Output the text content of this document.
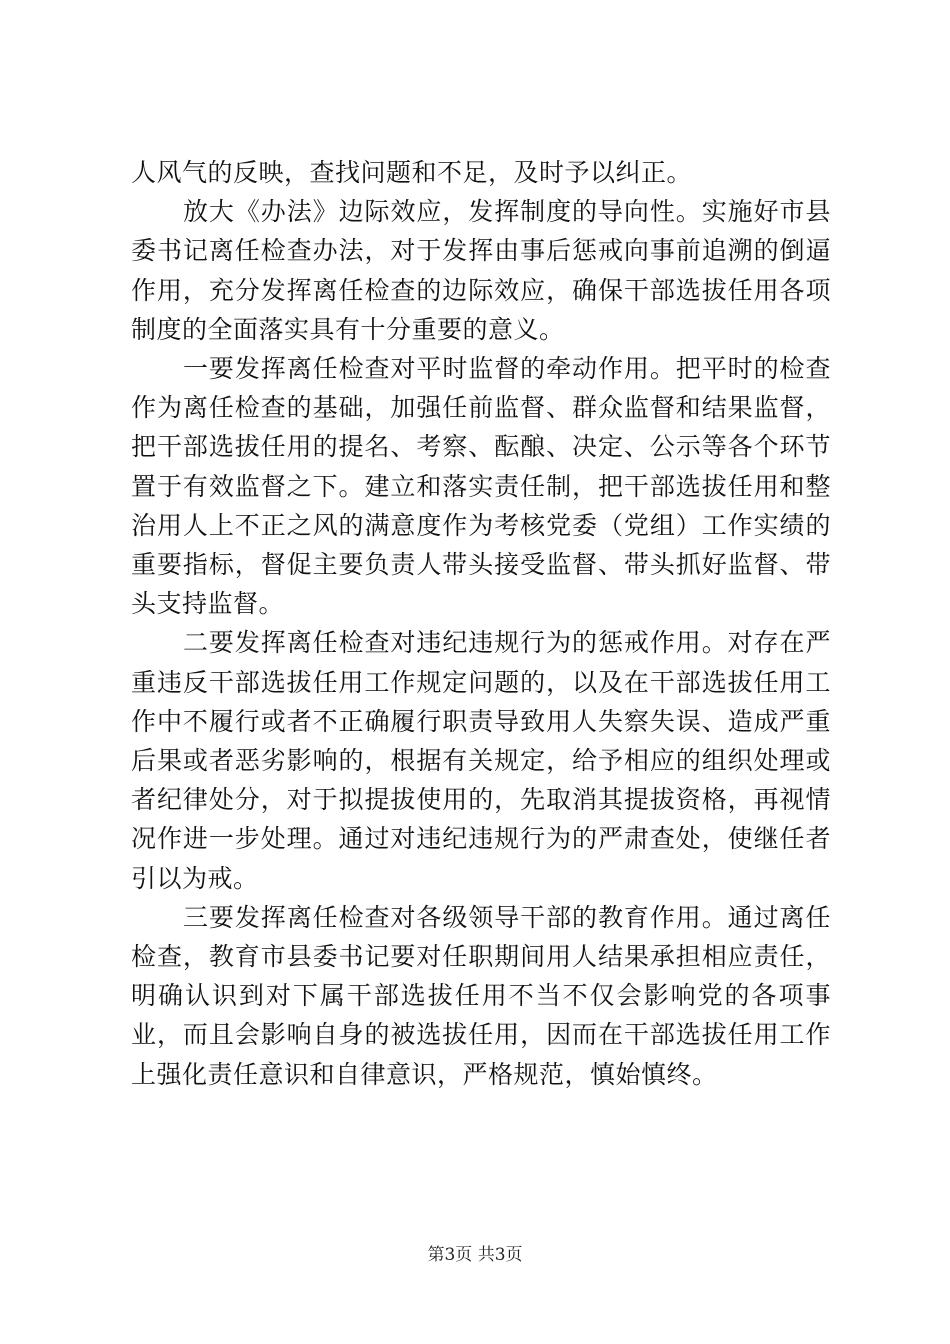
人风气的反映，查找问题和不足，及时予以纠正。

放大《办法》边际效应，发挥制度的导向性。实施好市县委书记离任检查办法，对于发挥由事后惩戒向事前追溯的倒逼作用，充分发挥离任检查的边际效应，确保干部选拔任用各项制度的全面落实具有十分重要的意义。

一要发挥离任检查对平时监督的牵动作用。把平时的检查作为离任检查的基础，加强任前监督、群众监督和结果监督，把干部选拔任用的提名、考察、酝酿、决定、公示等各个环节置于有效监督之下。建立和落实责任制，把干部选拔任用和整治用人上不正之风的满意度作为考核党委（党组）工作实绩的重要指标，督促主要负责人带头接受监督、带头抓好监督、带头支持监督。

二要发挥离任检查对违纪违规行为的惩戒作用。对存在严重违反干部选拔任用工作规定问题的，以及在干部选拔任用工作中不履行或者不正确履行职责导致用人失察失误、造成严重后果或者恶劣影响的，根据有关规定，给予相应的组织处理或者纪律处分，对于拟提拔使用的，先取消其提拔资格，再视情况作进一步处理。通过对违纪违规行为的严肃查处，使继任者引以为戒。

三要发挥离任检查对各级领导干部的教育作用。通过离任检查，教育市县委书记要对任职期间用人结果承担相应责任，明确认识到对下属干部选拔任用不当不仅会影响党的各项事业，而且会影响自身的被选拔任用，因而在干部选拔任用工作上强化责任意识和自律意识，严格规范，慎始慎终。

第3页 共3页
